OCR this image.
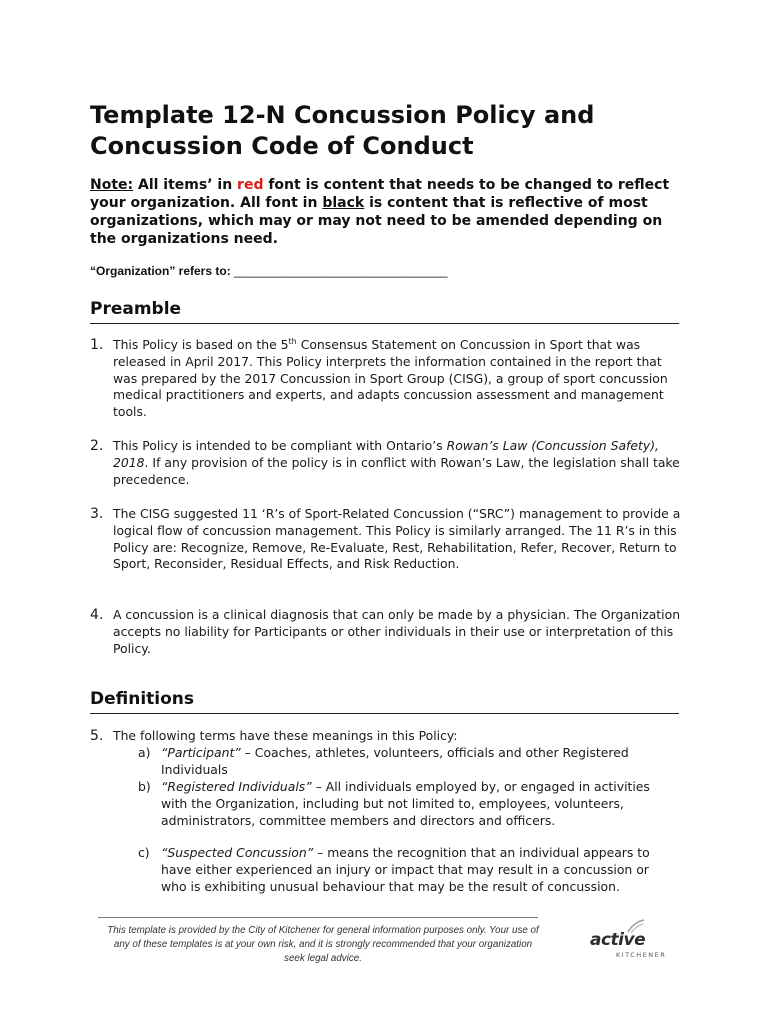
Template 12-N Concussion Policy and Concussion Code of Conduct

Note: All items’ in red font is content that needs to be changed to reflect your organization. All font in black is content that is reflective of most organizations, which may or may not need to be amended depending on the organizations need.

“Organization” refers to: ________________________________

Preamble
1. This Policy is based on the 5th Consensus Statement on Concussion in Sport that was released in April 2017. This Policy interprets the information contained in the report that was prepared by the 2017 Concussion in Sport Group (CISG), a group of sport concussion medical practitioners and experts, and adapts concussion assessment and management tools.
2. This Policy is intended to be compliant with Ontario’s Rowan’s Law (Concussion Safety), 2018. If any provision of the policy is in conflict with Rowan’s Law, the legislation shall take precedence.
3. The CISG suggested 11 ‘R’s of Sport-Related Concussion (“SRC”) management to provide a logical flow of concussion management. This Policy is similarly arranged. The 11 R’s in this Policy are: Recognize, Remove, Re-Evaluate, Rest, Rehabilitation, Refer, Recover, Return to Sport, Reconsider, Residual Effects, and Risk Reduction.
4. A concussion is a clinical diagnosis that can only be made by a physician. The Organization accepts no liability for Participants or other individuals in their use or interpretation of this Policy.
Definitions
5. The following terms have these meanings in this Policy:
a) “Participant” – Coaches, athletes, volunteers, officials and other Registered Individuals
b) “Registered Individuals” – All individuals employed by, or engaged in activities with the Organization, including but not limited to, employees, volunteers, administrators, committee members and directors and officers.
c) “Suspected Concussion” – means the recognition that an individual appears to have either experienced an injury or impact that may result in a concussion or who is exhibiting unusual behaviour that may be the result of concussion.

This template is provided by the City of Kitchener for general information purposes only. Your use of any of these templates is at your own risk, and it is strongly recommended that your organization seek legal advice.

active
KITCHENER
